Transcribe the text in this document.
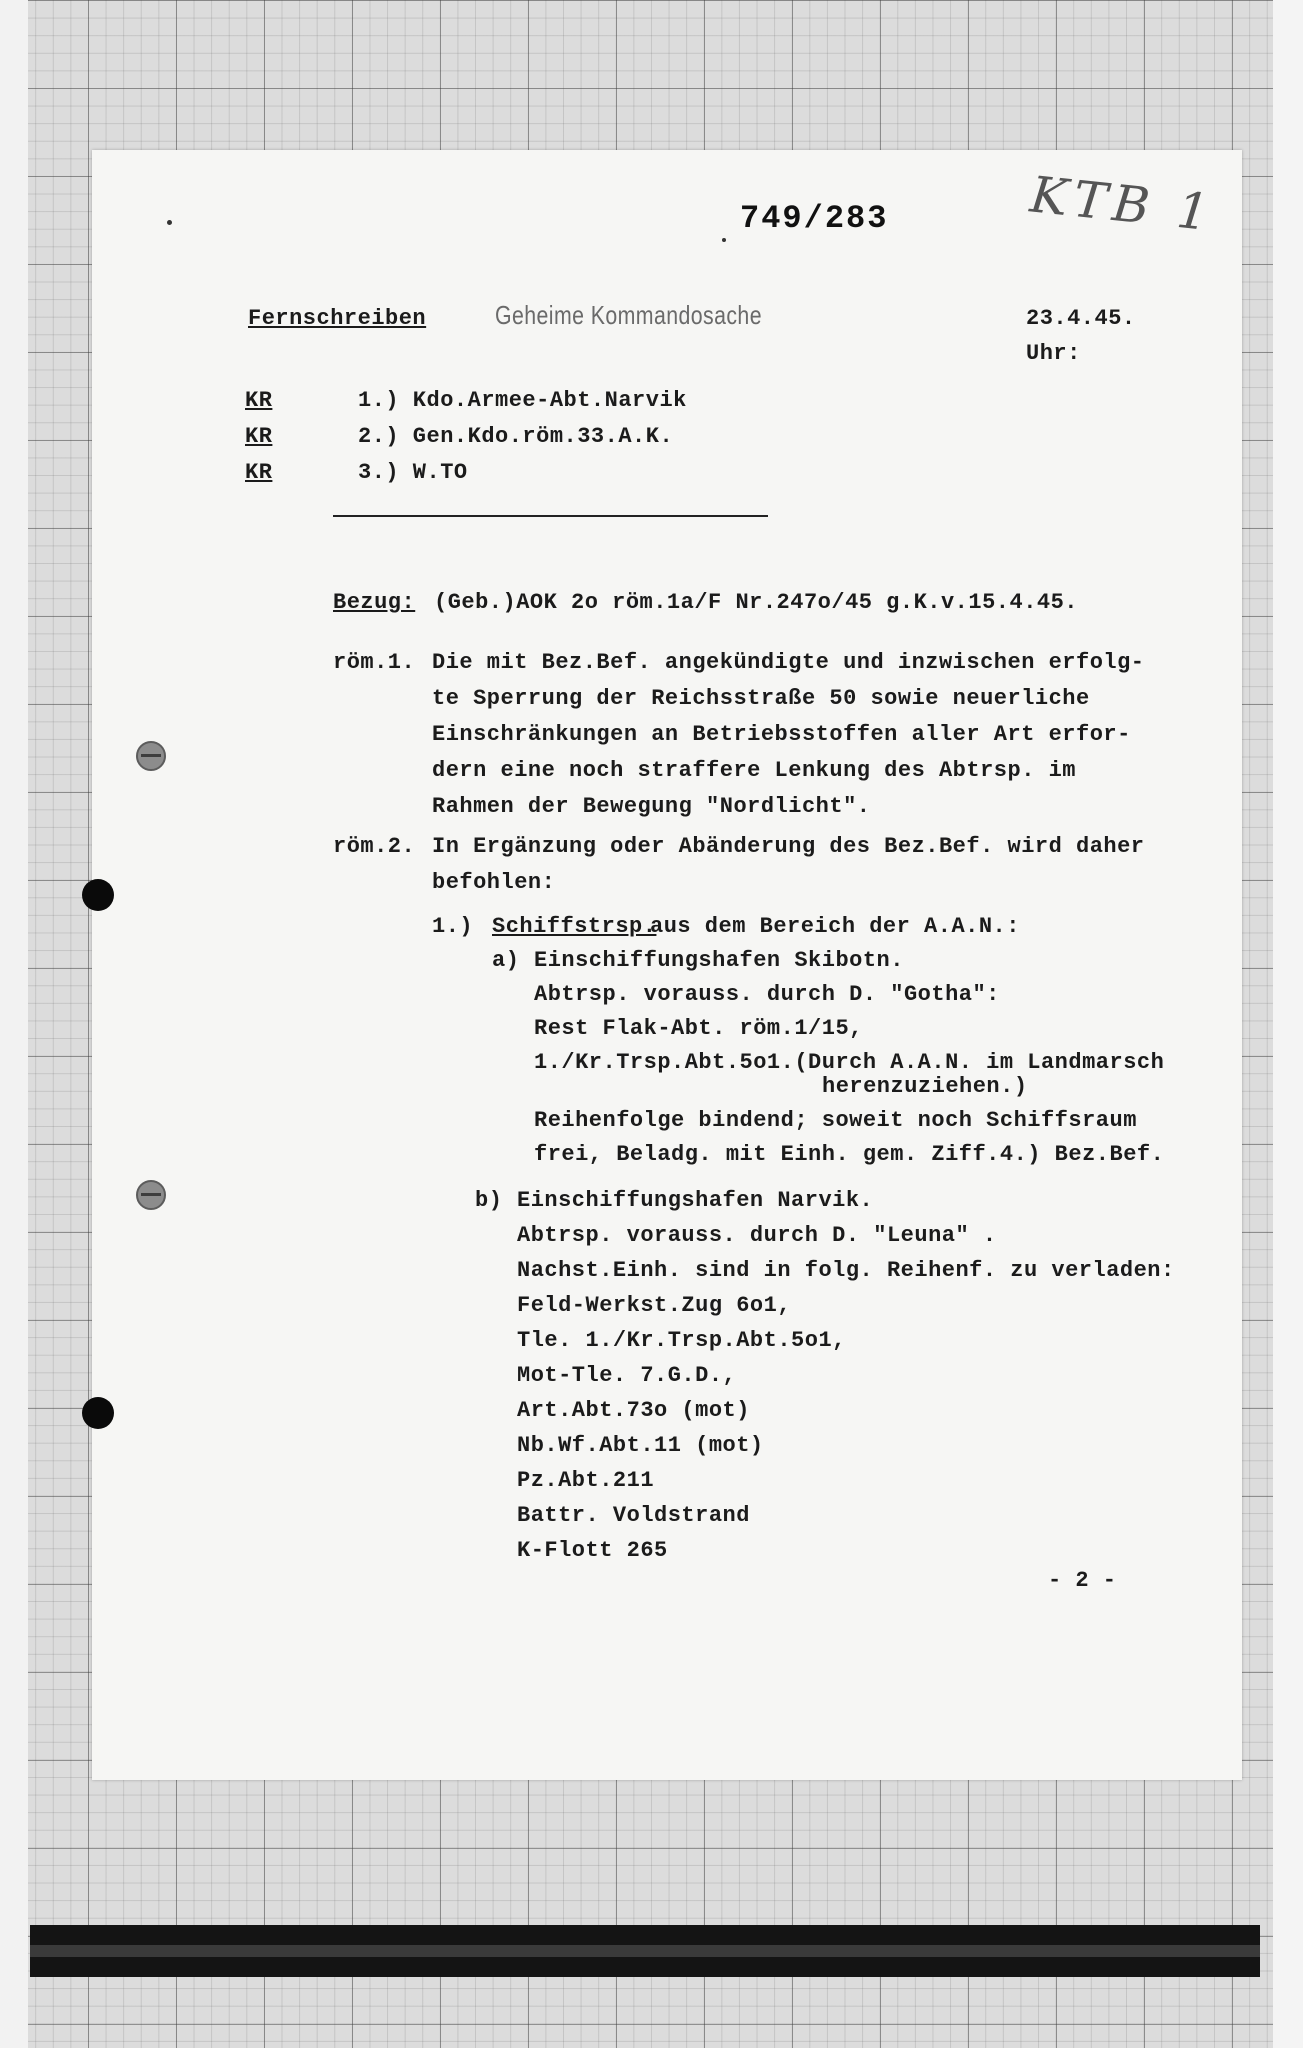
749/283	KTB 1
Fernschreiben	Geheime Kommandosache	23.4.45.
Uhr:
KR	1.) Kdo.Armee-Abt.Narvik
KR	2.) Gen.Kdo.röm.33.A.K.
KR	3.) W.TO
Bezug: (Geb.)AOK 2o röm.1a/F Nr.247o/45 g.K.v.15.4.45.
röm.1. Die mit Bez.Bef. angekündigte und inzwischen erfolg-
te Sperrung der Reichsstraße 50 sowie neuerliche
Einschränkungen an Betriebsstoffen aller Art erfor-
dern eine noch straffere Lenkung des Abtrsp. im
Rahmen der Bewegung "Nordlicht".
röm.2. In Ergänzung oder Abänderung des Bez.Bef. wird daher
befohlen:
1.) Schiffstrsp.
aus dem Bereich der A.A.N.:
a) Einschiffungshafen Skibotn.
Abtrsp. vorauss. durch D. "Gotha":
Rest Flak-Abt. röm.1/15,
1./Kr.Trsp.Abt.5o1.(Durch A.A.N. im Landmarsch
herenzuziehen.)
Reihenfolge bindend; soweit noch Schiffsraum
frei, Beladg. mit Einh. gem. Ziff.4.) Bez.Bef.
b) Einschiffungshafen Narvik.
Abtrsp. vorauss. durch D. "Leuna" .
Nachst.Einh. sind in folg. Reihenf. zu verladen:
Feld-Werkst.Zug 6o1,
Tle. 1./Kr.Trsp.Abt.5o1,
Mot-Tle. 7.G.D.,
Art.Abt.73o (mot)
Nb.Wf.Abt.11 (mot)
Pz.Abt.211
Battr. Voldstrand
K-Flott 265
- 2 -
